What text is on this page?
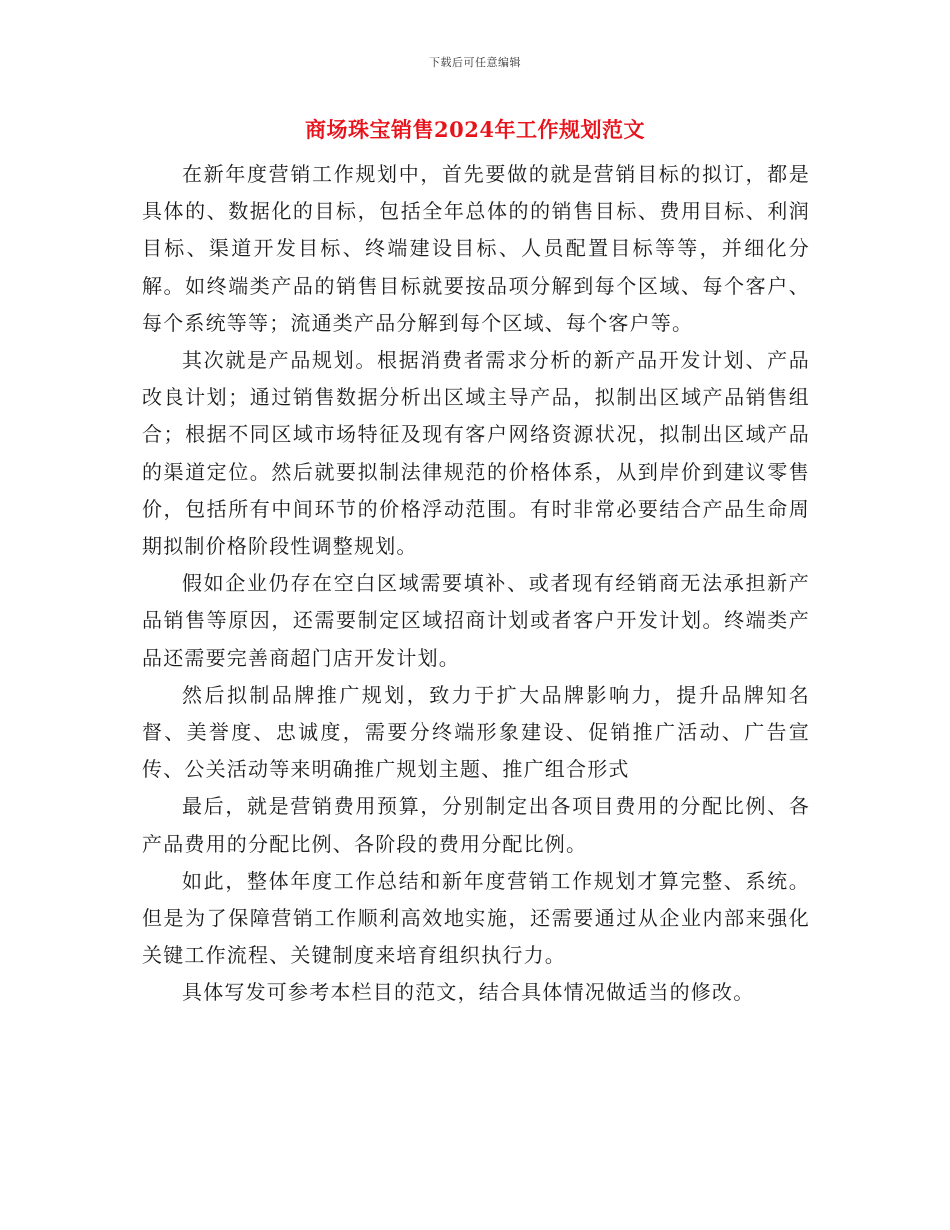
下载后可任意编辑
商场珠宝销售2024年工作规划范文

在新年度营销工作规划中，首先要做的就是营销目标的拟订，都是具体的、数据化的目标，包括全年总体的的销售目标、费用目标、利润目标、渠道开发目标、终端建设目标、人员配置目标等等，并细化分解。如终端类产品的销售目标就要按品项分解到每个区域、每个客户、每个系统等等；流通类产品分解到每个区域、每个客户等。

其次就是产品规划。根据消费者需求分析的新产品开发计划、产品改良计划；通过销售数据分析出区域主导产品，拟制出区域产品销售组合；根据不同区域市场特征及现有客户网络资源状况，拟制出区域产品的渠道定位。然后就要拟制法律规范的价格体系，从到岸价到建议零售价，包括所有中间环节的价格浮动范围。有时非常必要结合产品生命周期拟制价格阶段性调整规划。

假如企业仍存在空白区域需要填补、或者现有经销商无法承担新产品销售等原因，还需要制定区域招商计划或者客户开发计划。终端类产品还需要完善商超门店开发计划。

然后拟制品牌推广规划，致力于扩大品牌影响力，提升品牌知名督、美誉度、忠诚度，需要分终端形象建设、促销推广活动、广告宣传、公关活动等来明确推广规划主题、推广组合形式

最后，就是营销费用预算，分别制定出各项目费用的分配比例、各产品费用的分配比例、各阶段的费用分配比例。

如此，整体年度工作总结和新年度营销工作规划才算完整、系统。但是为了保障营销工作顺利高效地实施，还需要通过从企业内部来强化关键工作流程、关键制度来培育组织执行力。

具体写发可参考本栏目的范文，结合具体情况做适当的修改。
